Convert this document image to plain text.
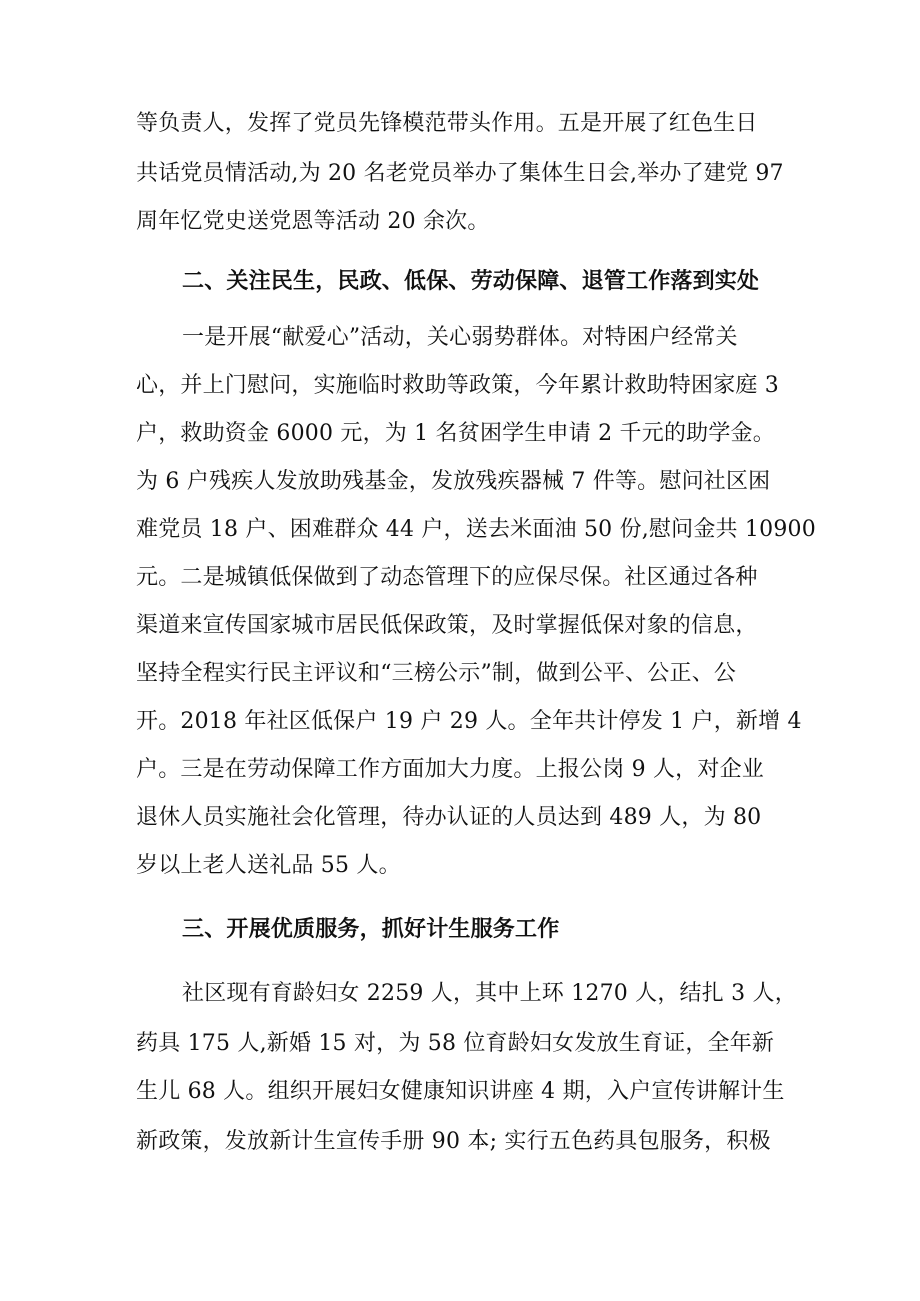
等负责人，发挥了党员先锋模范带头作用。五是开展了红色生日
共话党员情活动,为 20 名老党员举办了集体生日会,举办了建党 97
周年忆党史送党恩等活动 20 余次。
二、关注民生，民政、低保、劳动保障、退管工作落到实处
一是开展“献爱心”活动，关心弱势群体。对特困户经常关
心，并上门慰问，实施临时救助等政策，今年累计救助特困家庭 3
户，救助资金 6000 元，为 1 名贫困学生申请 2 千元的助学金。
为 6 户残疾人发放助残基金，发放残疾器械 7 件等。慰问社区困
难党员 18 户、困难群众 44 户，送去米面油 50 份,慰问金共 10900
元。二是城镇低保做到了动态管理下的应保尽保。社区通过各种
渠道来宣传国家城市居民低保政策，及时掌握低保对象的信息，
坚持全程实行民主评议和“三榜公示”制，做到公平、公正、公
开。2018 年社区低保户 19 户 29 人。全年共计停发 1 户，新增 4
户。三是在劳动保障工作方面加大力度。上报公岗 9 人，对企业
退休人员实施社会化管理，待办认证的人员达到 489 人，为 80
岁以上老人送礼品 55 人。
三、开展优质服务，抓好计生服务工作
社区现有育龄妇女 2259 人，其中上环 1270 人，结扎 3 人，
药具 175 人,新婚 15 对，为 58 位育龄妇女发放生育证，全年新
生儿 68 人。组织开展妇女健康知识讲座 4 期，入户宣传讲解计生
新政策，发放新计生宣传手册 90 本; 实行五色药具包服务，积极
